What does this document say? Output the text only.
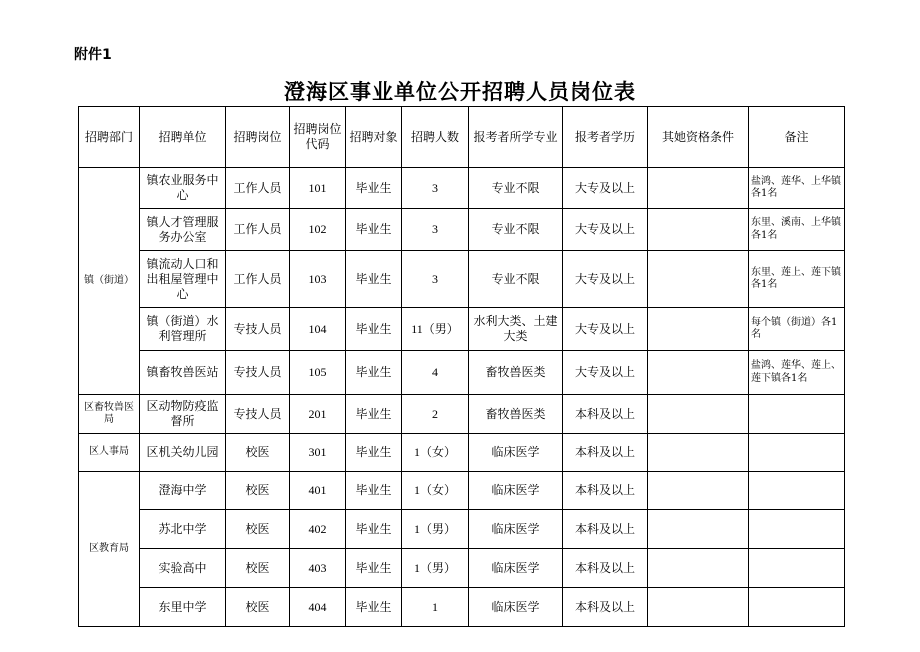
附件1
澄海区事业单位公开招聘人员岗位表
招聘部门	招聘单位	招聘岗位	招聘岗位代码	招聘对象	招聘人数	报考者所学专业	报考者学历	其她资格条件	备注
镇（街道）	镇农业服务中心	工作人员	101	毕业生	3	专业不限	大专及以上		盐鸿、莲华、上华镇各1名
	镇人才管理服务办公室	工作人员	102	毕业生	3	专业不限	大专及以上		东里、溪南、上华镇各1名
	镇流动人口和出租屋管理中心	工作人员	103	毕业生	3	专业不限	大专及以上		东里、莲上、莲下镇各1名
	镇（街道）水利管理所	专技人员	104	毕业生	11（男）	水利大类、土建大类	大专及以上		每个镇（街道）各1名
	镇畜牧兽医站	专技人员	105	毕业生	4	畜牧兽医类	大专及以上		盐鸿、莲华、莲上、莲下镇各1名
区畜牧兽医局	区动物防疫监督所	专技人员	201	毕业生	2	畜牧兽医类	本科及以上		
区人事局	区机关幼儿园	校医	301	毕业生	1（女）	临床医学	本科及以上		
区教育局	澄海中学	校医	401	毕业生	1（女）	临床医学	本科及以上		
	苏北中学	校医	402	毕业生	1（男）	临床医学	本科及以上		
	实验高中	校医	403	毕业生	1（男）	临床医学	本科及以上		
	东里中学	校医	404	毕业生	1	临床医学	本科及以上		
